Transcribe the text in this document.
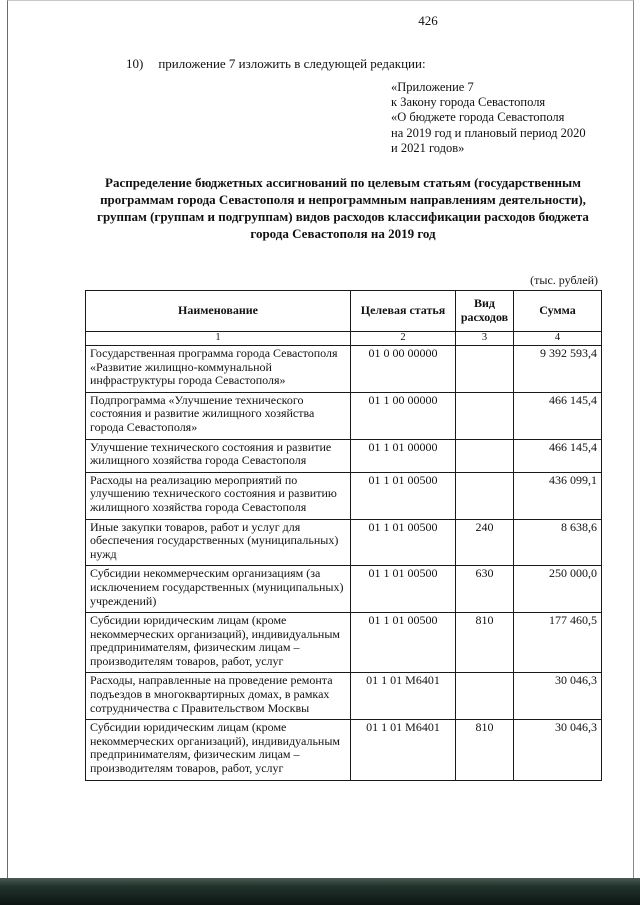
426
10) приложение 7 изложить в следующей редакции:
«Приложение 7
к Закону города Севастополя
«О бюджете города Севастополя
на 2019 год и плановый период 2020
и 2021 годов»
Распределение бюджетных ассигнований по целевым статьям (государственным программам города Севастополя и непрограммным направлениям деятельности), группам (группам и подгруппам) видов расходов классификации расходов бюджета города Севастополя на 2019 год
(тыс. рублей)
Наименование	Целевая статья	Вид расходов	Сумма
1	2	3	4
Государственная программа города Севастополя «Развитие жилищно-коммунальной инфраструктуры города Севастополя»	01 0 00 00000		9 392 593,4
Подпрограмма «Улучшение технического состояния и развитие жилищного хозяйства города Севастополя»	01 1 00 00000		466 145,4
Улучшение технического состояния и развитие жилищного хозяйства города Севастополя	01 1 01 00000		466 145,4
Расходы на реализацию мероприятий по улучшению технического состояния и развитию жилищного хозяйства города Севастополя	01 1 01 00500		436 099,1
Иные закупки товаров, работ и услуг для обеспечения государственных (муниципальных) нужд	01 1 01 00500	240	8 638,6
Субсидии некоммерческим организациям (за исключением государственных (муниципальных) учреждений)	01 1 01 00500	630	250 000,0
Субсидии юридическим лицам (кроме некоммерческих организаций), индивидуальным предпринимателям, физическим лицам – производителям товаров, работ, услуг	01 1 01 00500	810	177 460,5
Расходы, направленные на проведение ремонта подъездов в многоквартирных домах, в рамках сотрудничества с Правительством Москвы	01 1 01 М6401		30 046,3
Субсидии юридическим лицам (кроме некоммерческих организаций), индивидуальным предпринимателям, физическим лицам – производителям товаров, работ, услуг	01 1 01 М6401	810	30 046,3
